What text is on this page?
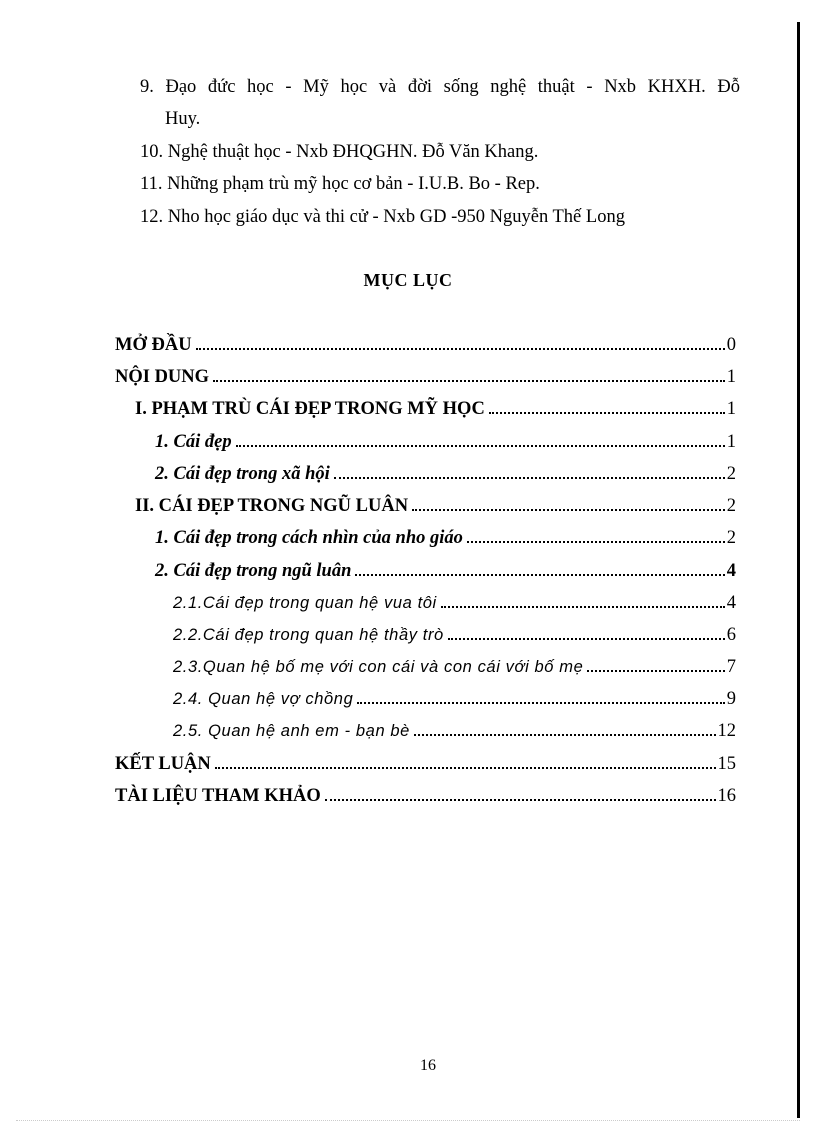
9. Đạo đức học - Mỹ học và đời sống nghệ thuật - Nxb KHXH. Đỗ
Huy.
10. Nghệ thuật học - Nxb ĐHQGHN. Đỗ Văn Khang.
11. Những phạm trù mỹ học cơ bản - I.U.B. Bo - Rep.
12. Nho học giáo dục và thi cử - Nxb GD -950 Nguyễn Thế Long
MỤC LỤC
MỞ ĐẦU	0
NỘI DUNG	1
I. PHẠM TRÙ CÁI ĐẸP TRONG MỸ HỌC	1
1. Cái đẹp	1
2. Cái đẹp trong xã hội	2
II. CÁI ĐẸP TRONG NGŨ LUÂN	2
1. Cái đẹp trong cách nhìn của nho giáo	2
2. Cái đẹp trong ngũ luân	4
2.1.Cái đẹp trong quan hệ vua tôi	4
2.2.Cái đẹp trong quan hệ thầy trò	6
2.3.Quan hệ bố mẹ với con cái và con cái với bố mẹ	7
2.4. Quan hệ vợ chồng	9
2.5. Quan hệ anh em - bạn bè	12
KẾT LUẬN	15
TÀI LIỆU THAM KHẢO	16
16
